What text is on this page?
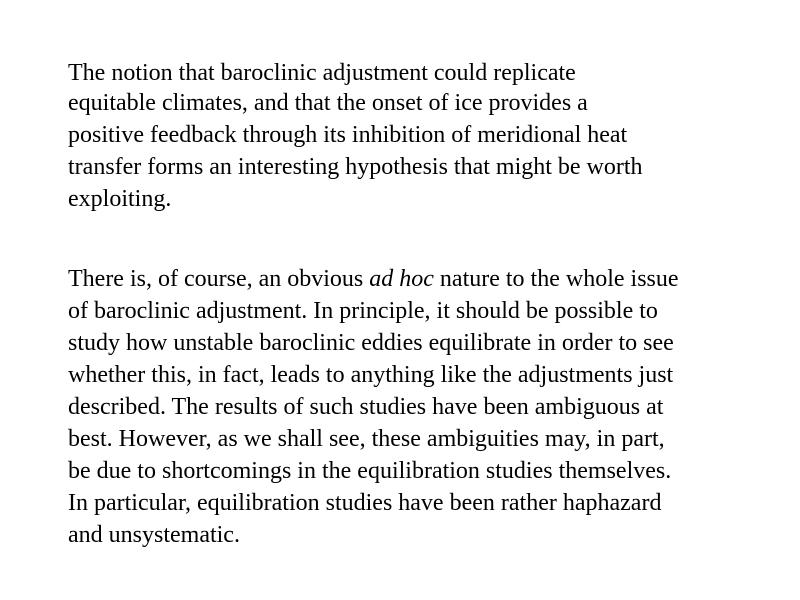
The notion that baroclinic adjustment could replicate

equitable climates, and that the onset of ice provides a

positive feedback through its inhibition of meridional heat

transfer forms an interesting hypothesis that might be worth

exploiting.

There is, of course, an obvious ad hoc nature to the whole issue

of baroclinic adjustment. In principle, it should be possible to

study how unstable baroclinic eddies equilibrate in order to see

whether this, in fact, leads to anything like the adjustments just

described. The results of such studies have been ambiguous at

best. However, as we shall see, these ambiguities may, in part,

be due to shortcomings in the equilibration studies themselves.

In particular, equilibration studies have been rather haphazard

and unsystematic.
